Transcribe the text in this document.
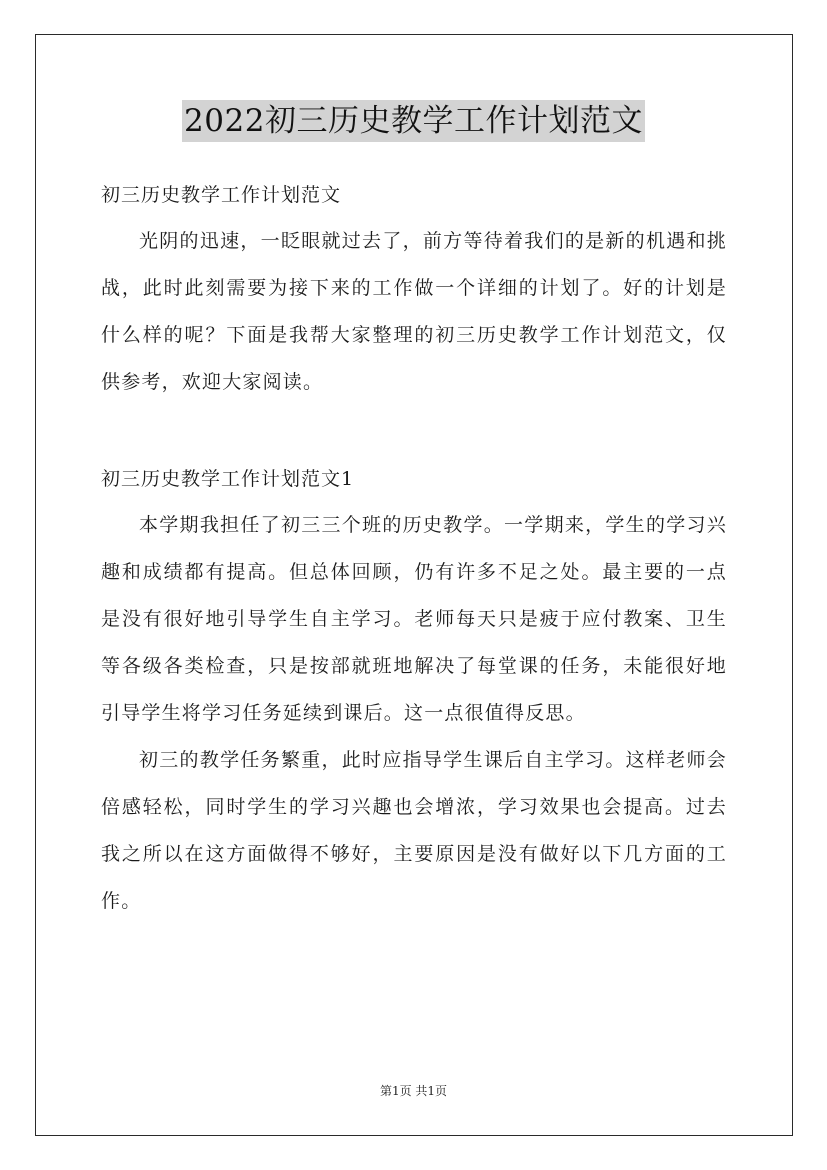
2022初三历史教学工作计划范文

初三历史教学工作计划范文

光阴的迅速，一眨眼就过去了，前方等待着我们的是新的机遇和挑战，此时此刻需要为接下来的工作做一个详细的计划了。好的计划是什么样的呢？下面是我帮大家整理的初三历史教学工作计划范文，仅供参考，欢迎大家阅读。

初三历史教学工作计划范文1

本学期我担任了初三三个班的历史教学。一学期来，学生的学习兴趣和成绩都有提高。但总体回顾，仍有许多不足之处。最主要的一点是没有很好地引导学生自主学习。老师每天只是疲于应付教案、卫生等各级各类检查，只是按部就班地解决了每堂课的任务，未能很好地引导学生将学习任务延续到课后。这一点很值得反思。

初三的教学任务繁重，此时应指导学生课后自主学习。这样老师会倍感轻松，同时学生的学习兴趣也会增浓，学习效果也会提高。过去我之所以在这方面做得不够好，主要原因是没有做好以下几方面的工作。

第1页 共1页
